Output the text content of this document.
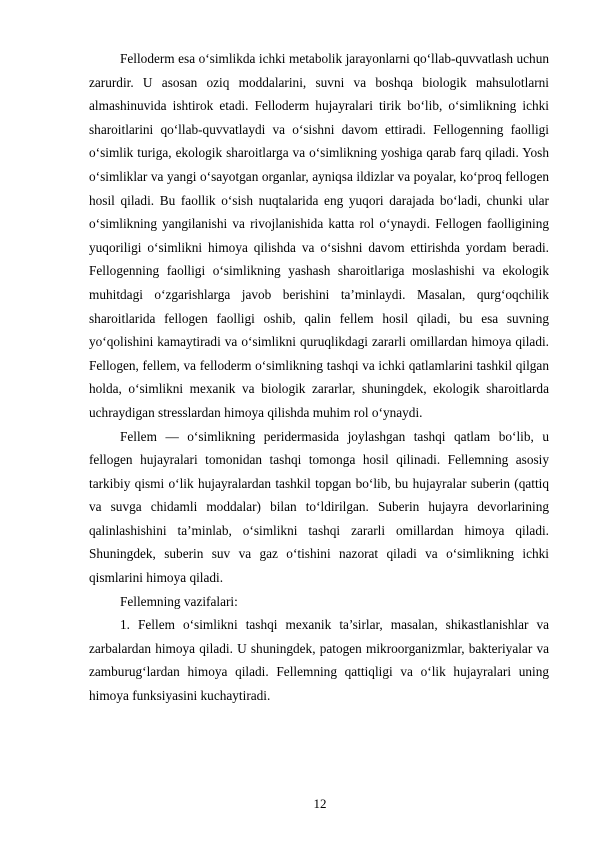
Felloderm esa o‘simlikda ichki metabolik jarayonlarni qo‘llab-quvvatlash uchun zarurdir. U asosan oziq moddalarini, suvni va boshqa biologik mahsulotlarni almashinuvida ishtirok etadi. Felloderm hujayralari tirik bo‘lib, o‘simlikning ichki sharoitlarini qo‘llab-quvvatlaydi va o‘sishni davom ettiradi. Fellogenning faolligi o‘simlik turiga, ekologik sharoitlarga va o‘simlikning yoshiga qarab farq qiladi. Yosh o‘simliklar va yangi o‘sayotgan organlar, ayniqsa ildizlar va poyalar, ko‘proq fellogen hosil qiladi. Bu faollik o‘sish nuqtalarida eng yuqori darajada bo‘ladi, chunki ular o‘simlikning yangilanishi va rivojlanishida katta rol o‘ynaydi. Fellogen faolligining yuqoriligi o‘simlikni himoya qilishda va o‘sishni davom ettirishda yordam beradi. Fellogenning faolligi o‘simlikning yashash sharoitlariga moslashishi va ekologik muhitdagi o‘zgarishlarga javob berishini ta’minlaydi. Masalan, qurg‘oqchilik sharoitlarida fellogen faolligi oshib, qalin fellem hosil qiladi, bu esa suvning yo‘qolishini kamaytiradi va o‘simlikni quruqlikdagi zararli omillardan himoya qiladi. Fellogen, fellem, va felloderm o‘simlikning tashqi va ichki qatlamlarini tashkil qilgan holda, o‘simlikni mexanik va biologik zararlar, shuningdek, ekologik sharoitlarda uchraydigan stresslardan himoya qilishda muhim rol o‘ynaydi.

Fellem — o‘simlikning peridermasida joylashgan tashqi qatlam bo‘lib, u fellogen hujayralari tomonidan tashqi tomonga hosil qilinadi. Fellemning asosiy tarkibiy qismi o‘lik hujayralardan tashkil topgan bo‘lib, bu hujayralar suberin (qattiq va suvga chidamli moddalar) bilan to‘ldirilgan. Suberin hujayra devorlarining qalinlashishini ta’minlab, o‘simlikni tashqi zararli omillardan himoya qiladi. Shuningdek, suberin suv va gaz o‘tishini nazorat qiladi va o‘simlikning ichki qismlarini himoya qiladi.

Fellemning vazifalari:

1. Fellem o‘simlikni tashqi mexanik ta’sirlar, masalan, shikastlanishlar va zarbalardan himoya qiladi. U shuningdek, patogen mikroorganizmlar, bakteriyalar va zamburug‘lardan himoya qiladi. Fellemning qattiqligi va o‘lik hujayralari uning himoya funksiyasini kuchaytiradi.

12
